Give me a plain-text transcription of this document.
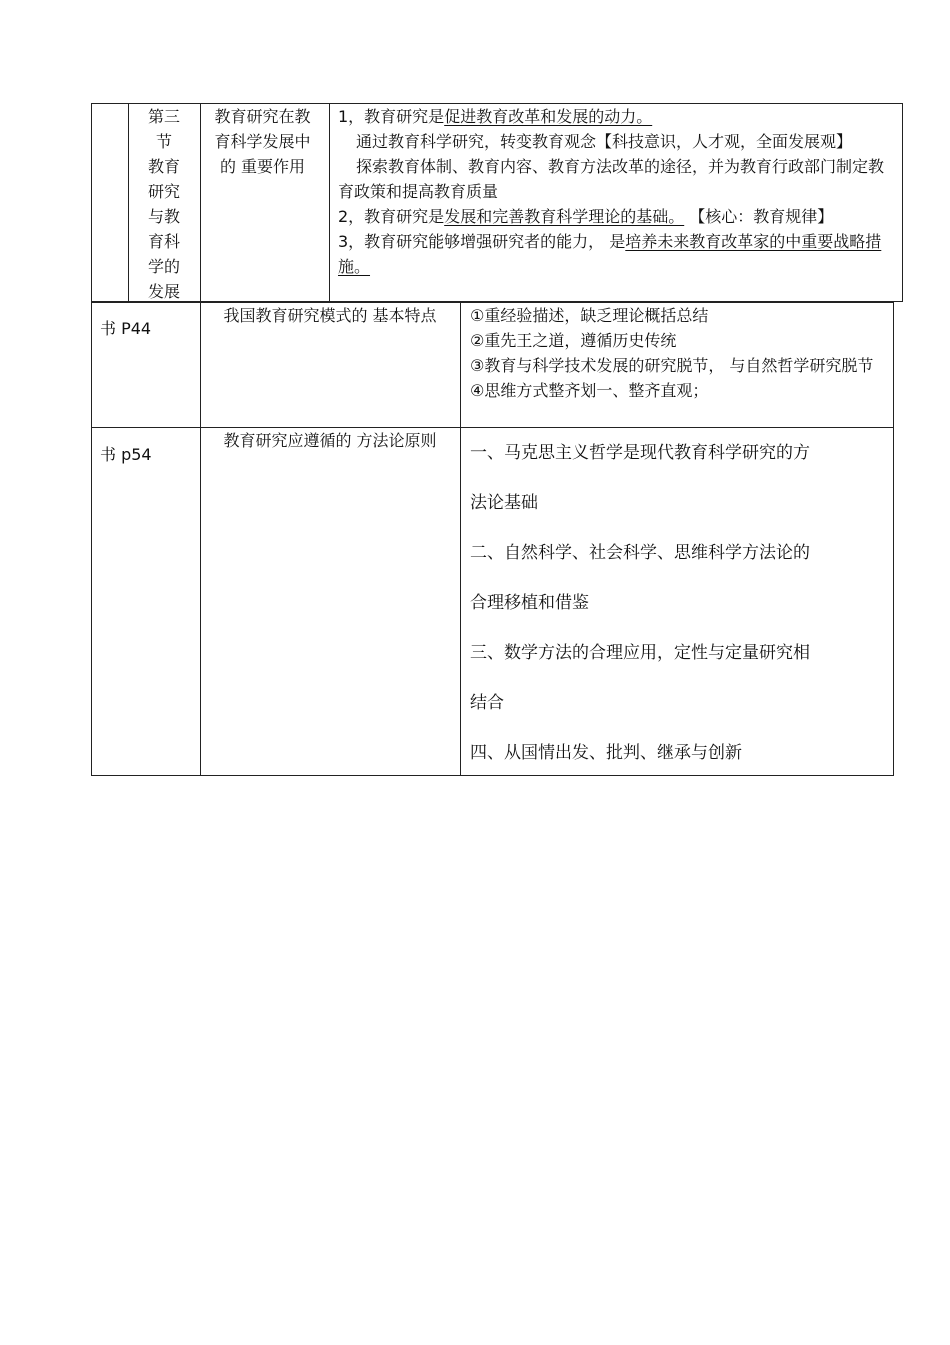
第三
节
教育
研究
与教
育科
学的
发展
教育研究在教育科学发展中的 重要作用
1，教育研究是促进教育改革和发展的动力。
通过教育科学研究，转变教育观念【科技意识，人才观，全面发展观】
探索教育体制、教育内容、教育方法改革的途径，并为教育行政部门制定教育政策和提高教育质量
2，教育研究是发展和完善教育科学理论的基础。 【核心：教育规律】
3，教育研究能够增强研究者的能力， 是培养未来教育改革家的中重要战略措施。
书 P44
我国教育研究模式的 基本特点	①重经验描述，缺乏理论概括总结
②重先王之道，遵循历史传统
③教育与科学技术发展的研究脱节， 与自然哲学研究脱节
④思维方式整齐划一、整齐直观；
书 p54
教育研究应遵循的 方法论原则
一、马克思主义哲学是现代教育科学研究的方
法论基础
二、自然科学、社会科学、思维科学方法论的
合理移植和借鉴
三、数学方法的合理应用，定性与定量研究相
结合
四、从国情出发、批判、继承与创新
